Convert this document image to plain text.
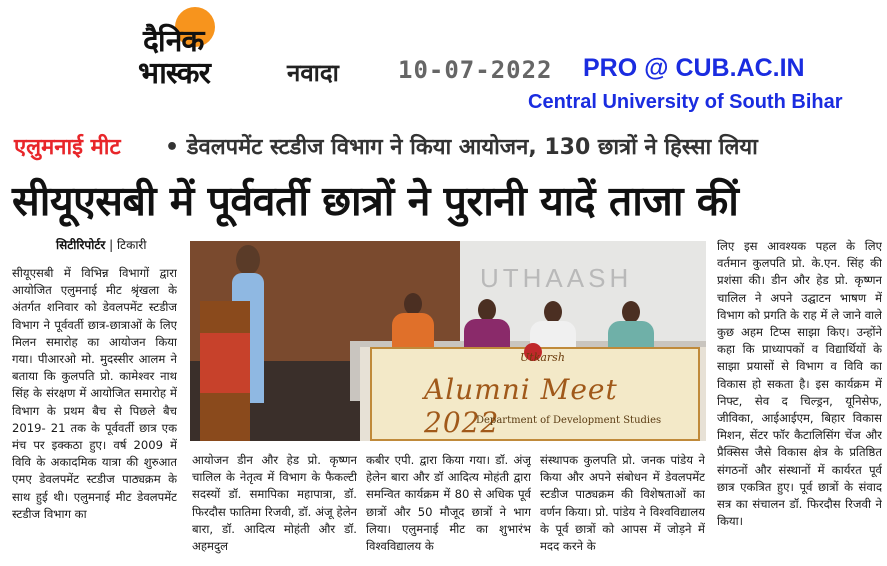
दैनिक
भास्कर	नवादा 10-07-2022 PRO @ CUB.AC.IN
Central University of South Bihar
एलुमनाई मीट • डेवलपमेंट स्टडीज विभाग ने किया आयोजन, 130 छात्रों ने हिस्सा लिया
सीयूएसबी में पूर्ववर्ती छात्रों ने पुरानी यादें ताजा कीं
सिटीरिपोर्टर | टिकारी

सीयूएसबी में विभिन्न विभागों द्वारा आयोजित एलुमनाई मीट श्रृंखला के अंतर्गत शनिवार को डेवलपमेंट स्टडीज विभाग ने पूर्ववर्ती छात्र-छात्राओं के लिए मिलन समारोह का आयोजन किया गया। पीआरओ मो. मुदस्सीर आलम ने बताया कि कुलपति प्रो. कामेश्वर नाथ सिंह के संरक्षण में आयोजित समारोह में विभाग के प्रथम बैच से पिछले बैच 2019- 21 तक के पूर्ववर्ती छात्र एक मंच पर इक्कठा हुए। वर्ष 2009 में विवि के अकादमिक यात्रा की शुरुआत एमए डेवलपमेंट स्टडीज पाठ्यक्रम के साथ हुई थी। एलुमनाई मीट डेवलपमेंट स्टडीज विभाग का

आयोजन डीन और हेड प्रो. कृष्णन चालिल के नेतृत्व में विभाग के फैकल्टी सदस्यों डॉ. समापिका महापात्रा, डॉ. फिरदौस फातिमा रिजवी, डॉ. अंजू हेलेन बारा, डॉ. आदित्य मोहंती और डॉ. अहमदुल

कबीर एपी. द्वारा किया गया। डॉ. अंजू हेलेन बारा और डॉ आदित्य मोहंती द्वारा समन्वित कार्यक्रम में 80 से अधिक पूर्व छात्रों और 50 मौजूद छात्रों ने भाग लिया। एलुमनाई मीट का शुभारंभ विश्वविद्यालय के

संस्थापक कुलपति प्रो. जनक पांडेय ने किया और अपने संबोधन में डेवलपमेंट स्टडीज पाठ्यक्रम की विशेषताओं का वर्णन किया। प्रो. पांडेय ने विश्वविद्यालय के पूर्व छात्रों को आपस में जोड़ने में मदद करने के

लिए इस आवश्यक पहल के लिए वर्तमान कुलपति प्रो. के.एन. सिंह की प्रशंसा की। डीन और हेड प्रो. कृष्णन चालिल ने अपने उद्घाटन भाषण में विभाग को प्रगति के राह में ले जाने वाले कुछ अहम टिप्स साझा किए। उन्होंने कहा कि प्राध्यापकों व विद्यार्थियों के साझा प्रयासों से विभाग व विवि का विकास हो सकता है। इस कार्यक्रम में निफ्ट, सेव द चिल्ड्रन, यूनिसेफ, जीविका, आईआईएम, बिहार विकास मिशन, सेंटर फॉर कैटालिसिंग चेंज और प्रैक्सिस जैसे विकास क्षेत्र के प्रतिष्ठित संगठनों और संस्थानों में कार्यरत पूर्व छात्र एकत्रित हुए। पूर्व छात्रों के संवाद सत्र का संचालन डॉ. फिरदौस रिजवी ने किया।

UTHAASH
Utkarsh
Alumni Meet 2022
Department of Development Studies
